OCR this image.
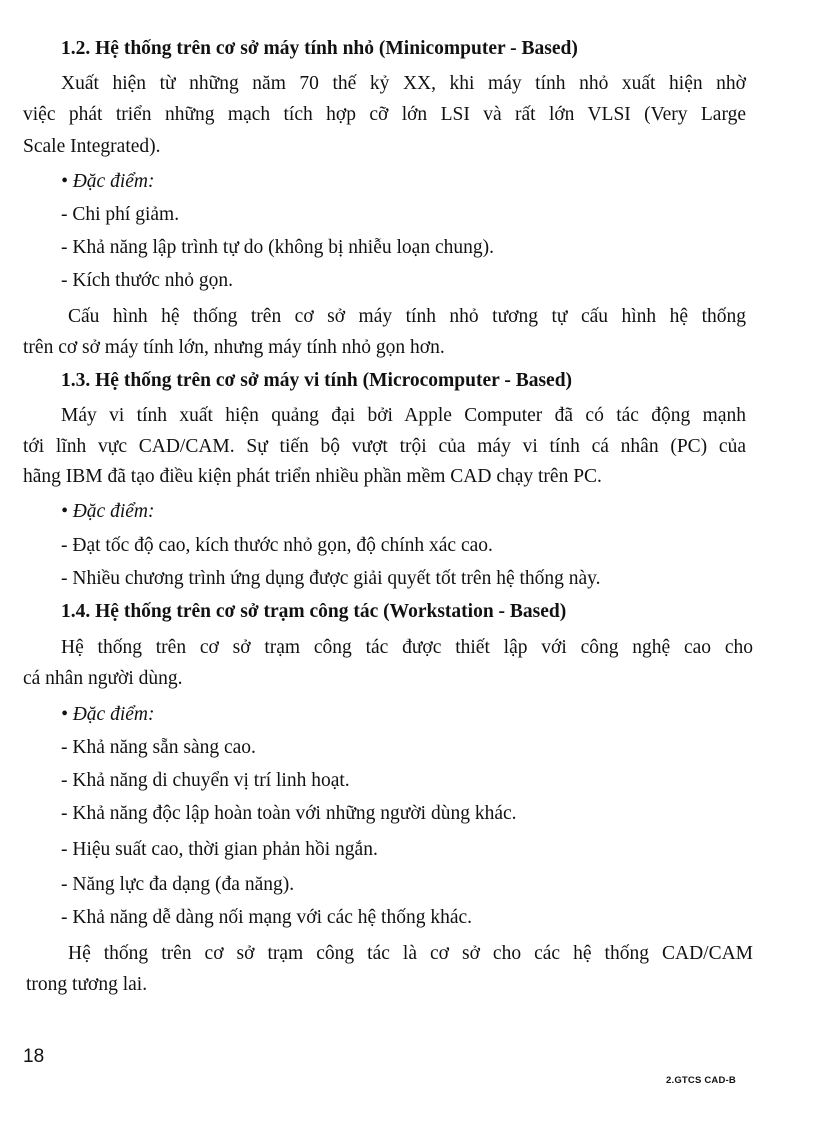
1.2. Hệ thống trên cơ sở máy tính nhỏ (Minicomputer - Based)
Xuất hiện từ những năm 70 thế kỷ XX, khi máy tính nhỏ xuất hiện nhờ
việc phát triển những mạch tích hợp cỡ lớn LSI và rất lớn VLSI (Very Large
Scale Integrated).
• Đặc điểm:
- Chi phí giảm.
- Khả năng lập trình tự do (không bị nhiễu loạn chung).
- Kích thước nhỏ gọn.
Cấu hình hệ thống trên cơ sở máy tính nhỏ tương tự cấu hình hệ thống
trên cơ sở máy tính lớn, nhưng máy tính nhỏ gọn hơn.
1.3. Hệ thống trên cơ sở máy vi tính (Microcomputer - Based)
Máy vi tính xuất hiện quảng đại bởi Apple Computer đã có tác động mạnh
tới lĩnh vực CAD/CAM. Sự tiến bộ vượt trội của máy vi tính cá nhân (PC) của
hãng IBM đã tạo điều kiện phát triển nhiều phần mềm CAD chạy trên PC.
• Đặc điểm:
- Đạt tốc độ cao, kích thước nhỏ gọn, độ chính xác cao.
- Nhiều chương trình ứng dụng được giải quyết tốt trên hệ thống này.
1.4. Hệ thống trên cơ sở trạm công tác (Workstation - Based)
Hệ thống trên cơ sở trạm công tác được thiết lập với công nghệ cao cho
cá nhân người dùng.
• Đặc điểm:
- Khả năng sẵn sàng cao.
- Khả năng di chuyển vị trí linh hoạt.
- Khả năng độc lập hoàn toàn với những người dùng khác.
- Hiệu suất cao, thời gian phản hồi ngắn.
- Năng lực đa dạng (đa năng).
- Khả năng dễ dàng nối mạng với các hệ thống khác.
Hệ thống trên cơ sở trạm công tác là cơ sở cho các hệ thống CAD/CAM
trong tương lai.
18
2.GTCS CAD-B
